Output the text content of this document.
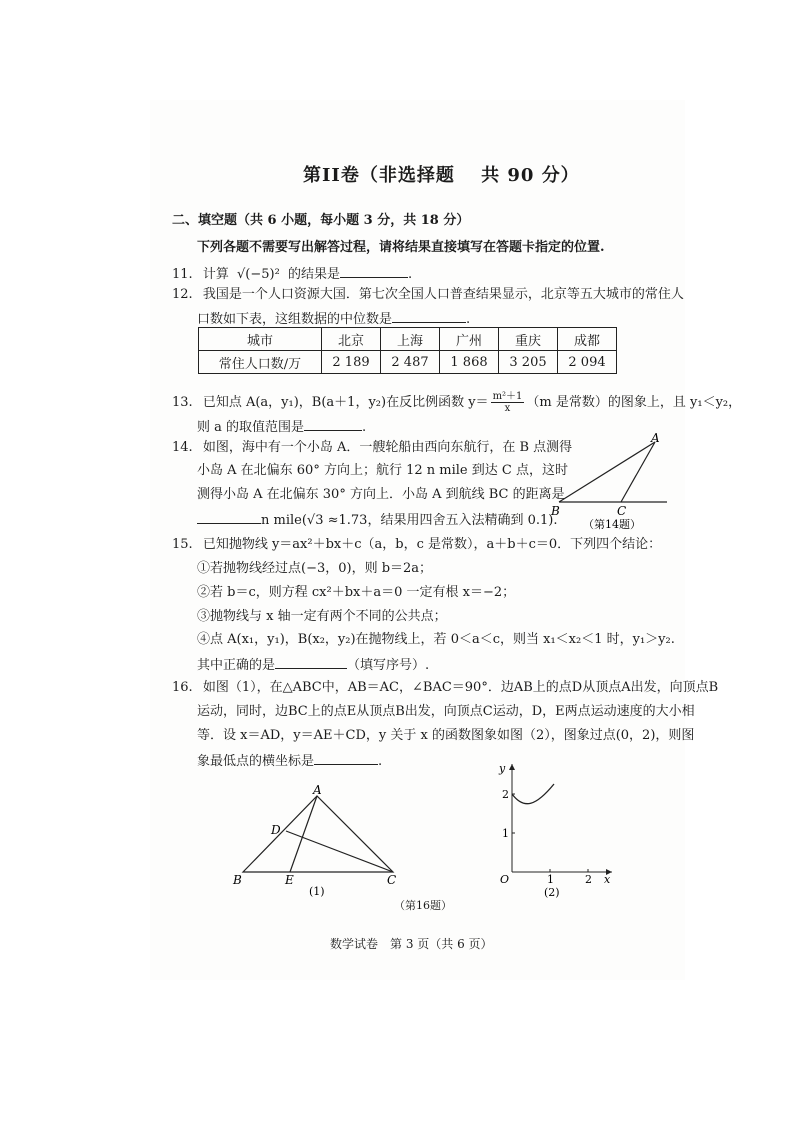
第II卷（非选择题　 共 90 分）
二、填空题（共 6 小题，每小题 3 分，共 18 分）
下列各题不需要写出解答过程，请将结果直接填写在答题卡指定的位置.
11. 计算 √(−5)² 的结果是	.
12. 我国是一个人口资源大国．第七次全国人口普查结果显示，北京等五大城市的常住人
口数如下表，这组数据的中位数是	.
城市	北京	上海	广州	重庆	成都
常住人口数/万	2 189	2 487	1 868	3 205	2 094
13. 已知点 A(a，y₁)，B(a＋1，y₂)在反比例函数 $y= \frac{\text{m²＋1}}{x} (m$ 是常数）的图象上，且 y₁＜y₂，
则 a 的取值范围是	.
14. 如图，海中有一个小岛 A．一艘轮船由西向东航行，在 B 点测得
小岛 A 在北偏东 60° 方向上；航行 12 n mile 到达 C 点，这时
测得小岛 A 在北偏东 30° 方向上．小岛 A 到航线 BC 的距离是
n mile(√3 ≈1.73，结果用四舍五入法精确到 0.1).
A
B	C
（第14题）
15. 已知抛物线 y＝ax²＋bx＋c（a，b，c 是常数），a＋b＋c＝0．下列四个结论：
①若抛物线经过点(−3，0)，则 b＝2a；
②若 b＝c，则方程 cx²＋bx＋a＝0 一定有根 x＝−2；
③抛物线与 x 轴一定有两个不同的公共点；
④点 A(x₁，y₁)，B(x₂，y₂)在抛物线上，若 0＜a＜c，则当 x₁＜x₂＜1 时，y₁＞y₂.
其中正确的是	（填写序号）.
16. 如图（1），在△ABC中，AB＝AC，∠BAC＝90°．边AB上的点D从顶点A出发，向顶点B
运动，同时，边BC上的点E从顶点B出发，向顶点C运动，D，E两点运动速度的大小相
等．设 x＝AD，y＝AE＋CD，y 关于 x 的函数图象如图（2），图象过点(0，2)，则图
象最低点的横坐标是	.
A
D
B	E	C
(1)
y
x
O
2
1
1	2
(2)
（第16题）
数学试卷　第 3 页（共 6 页）
